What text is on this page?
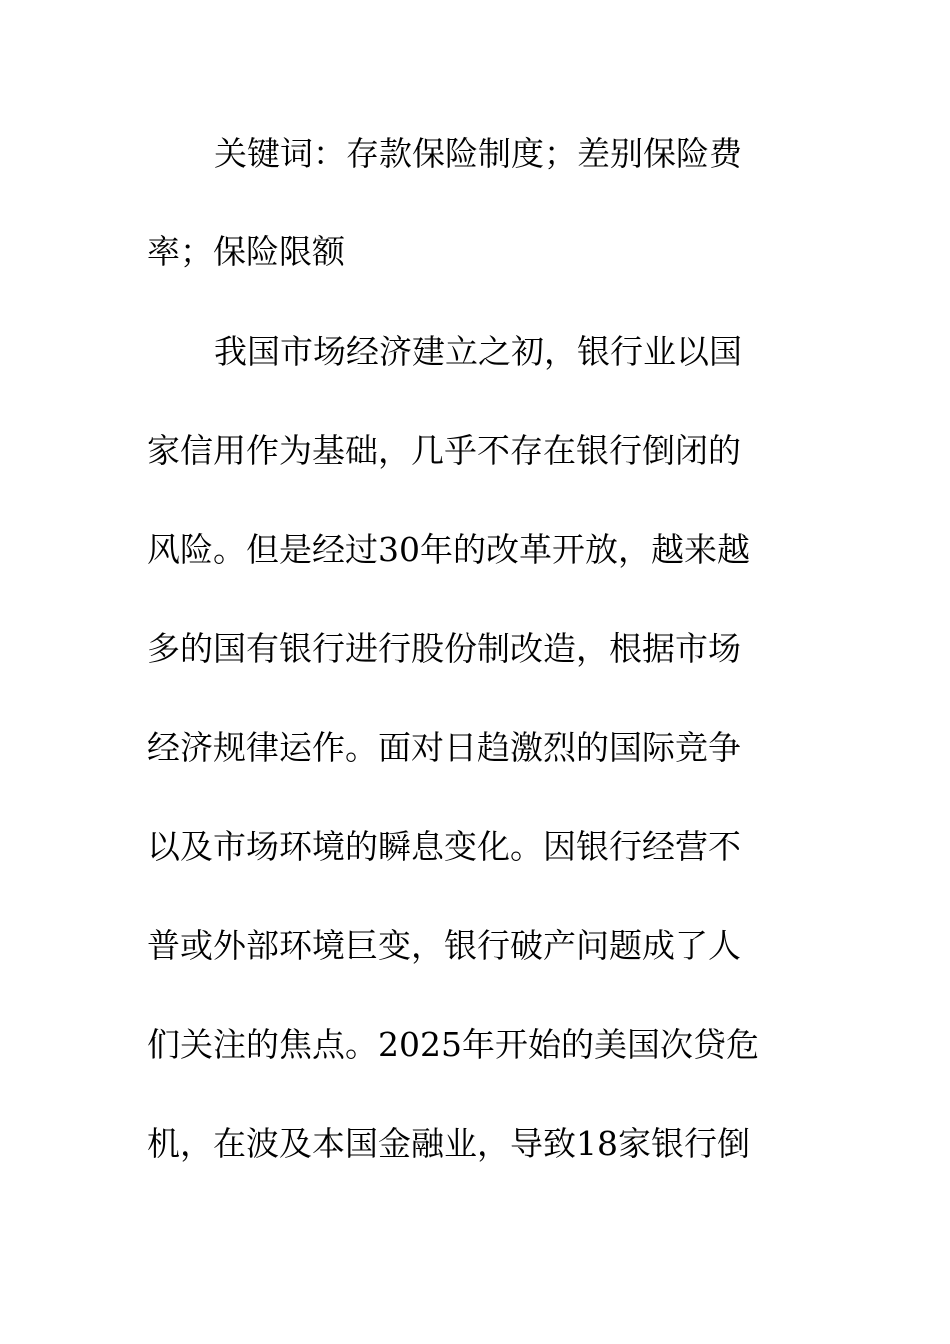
关键词：存款保险制度；差别保险费
率；保险限额
我国市场经济建立之初，银行业以国
家信用作为基础，几乎不存在银行倒闭的
风险。但是经过30年的改革开放，越来越
多的国有银行进行股份制改造，根据市场
经济规律运作。面对日趋激烈的国际竞争
以及市场环境的瞬息变化。因银行经营不
普或外部环境巨变，银行破产问题成了人
们关注的焦点。2025年开始的美国次贷危
机，在波及本国金融业，导致18家银行倒
